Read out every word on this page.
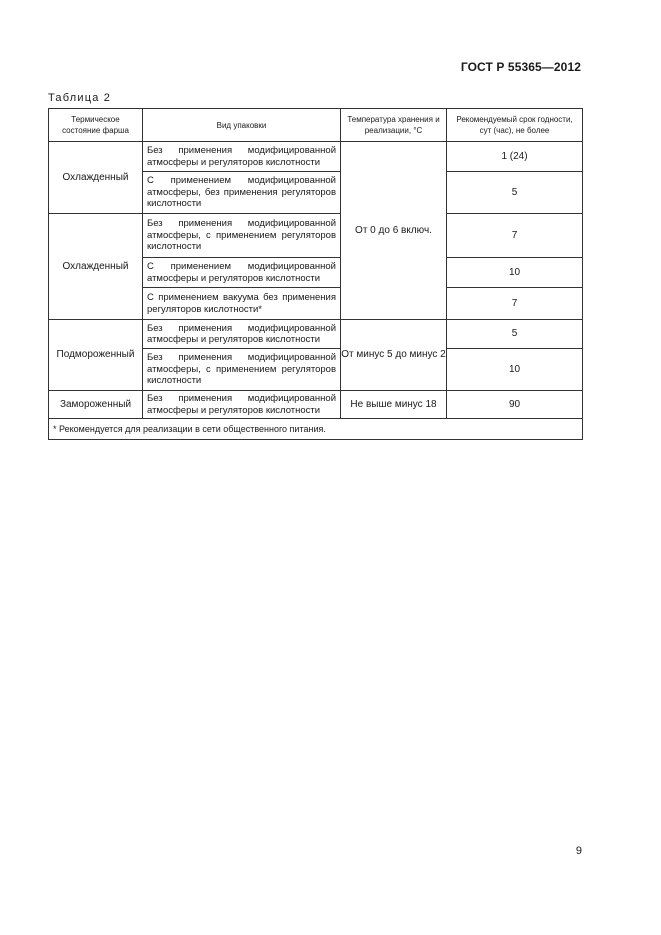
ГОСТ Р 55365—2012
Таблица 2
Термическое состояние фарша	Вид упаковки	Температура хранения и реализации, °С	Рекомендуемый срок годности, сут (час), не более
Охлажденный	Без применения модифицированной атмосферы и регуляторов кислотности	От 0 до 6 включ.	1 (24)
	С применением модифицированной атмосферы, без применения регуляторов кислотности		5
Охлажденный	Без применения модифицированной атмосферы, с применением регуляторов кислотности		7
	С применением модифицированной атмосферы и регуляторов кислотности		10
	С применением вакуума без применения регуляторов кислотности*		7
Подмороженный	Без применения модифицированной атмосферы и регуляторов кислотности	От минус 5 до минус 2	5
	Без применения модифицированной атмосферы, с применением регуляторов кислотности		10
Замороженный	Без применения модифицированной атмосферы и регуляторов кислотности	Не выше минус 18	90
* Рекомендуется для реализации в сети общественного питания.			
9
